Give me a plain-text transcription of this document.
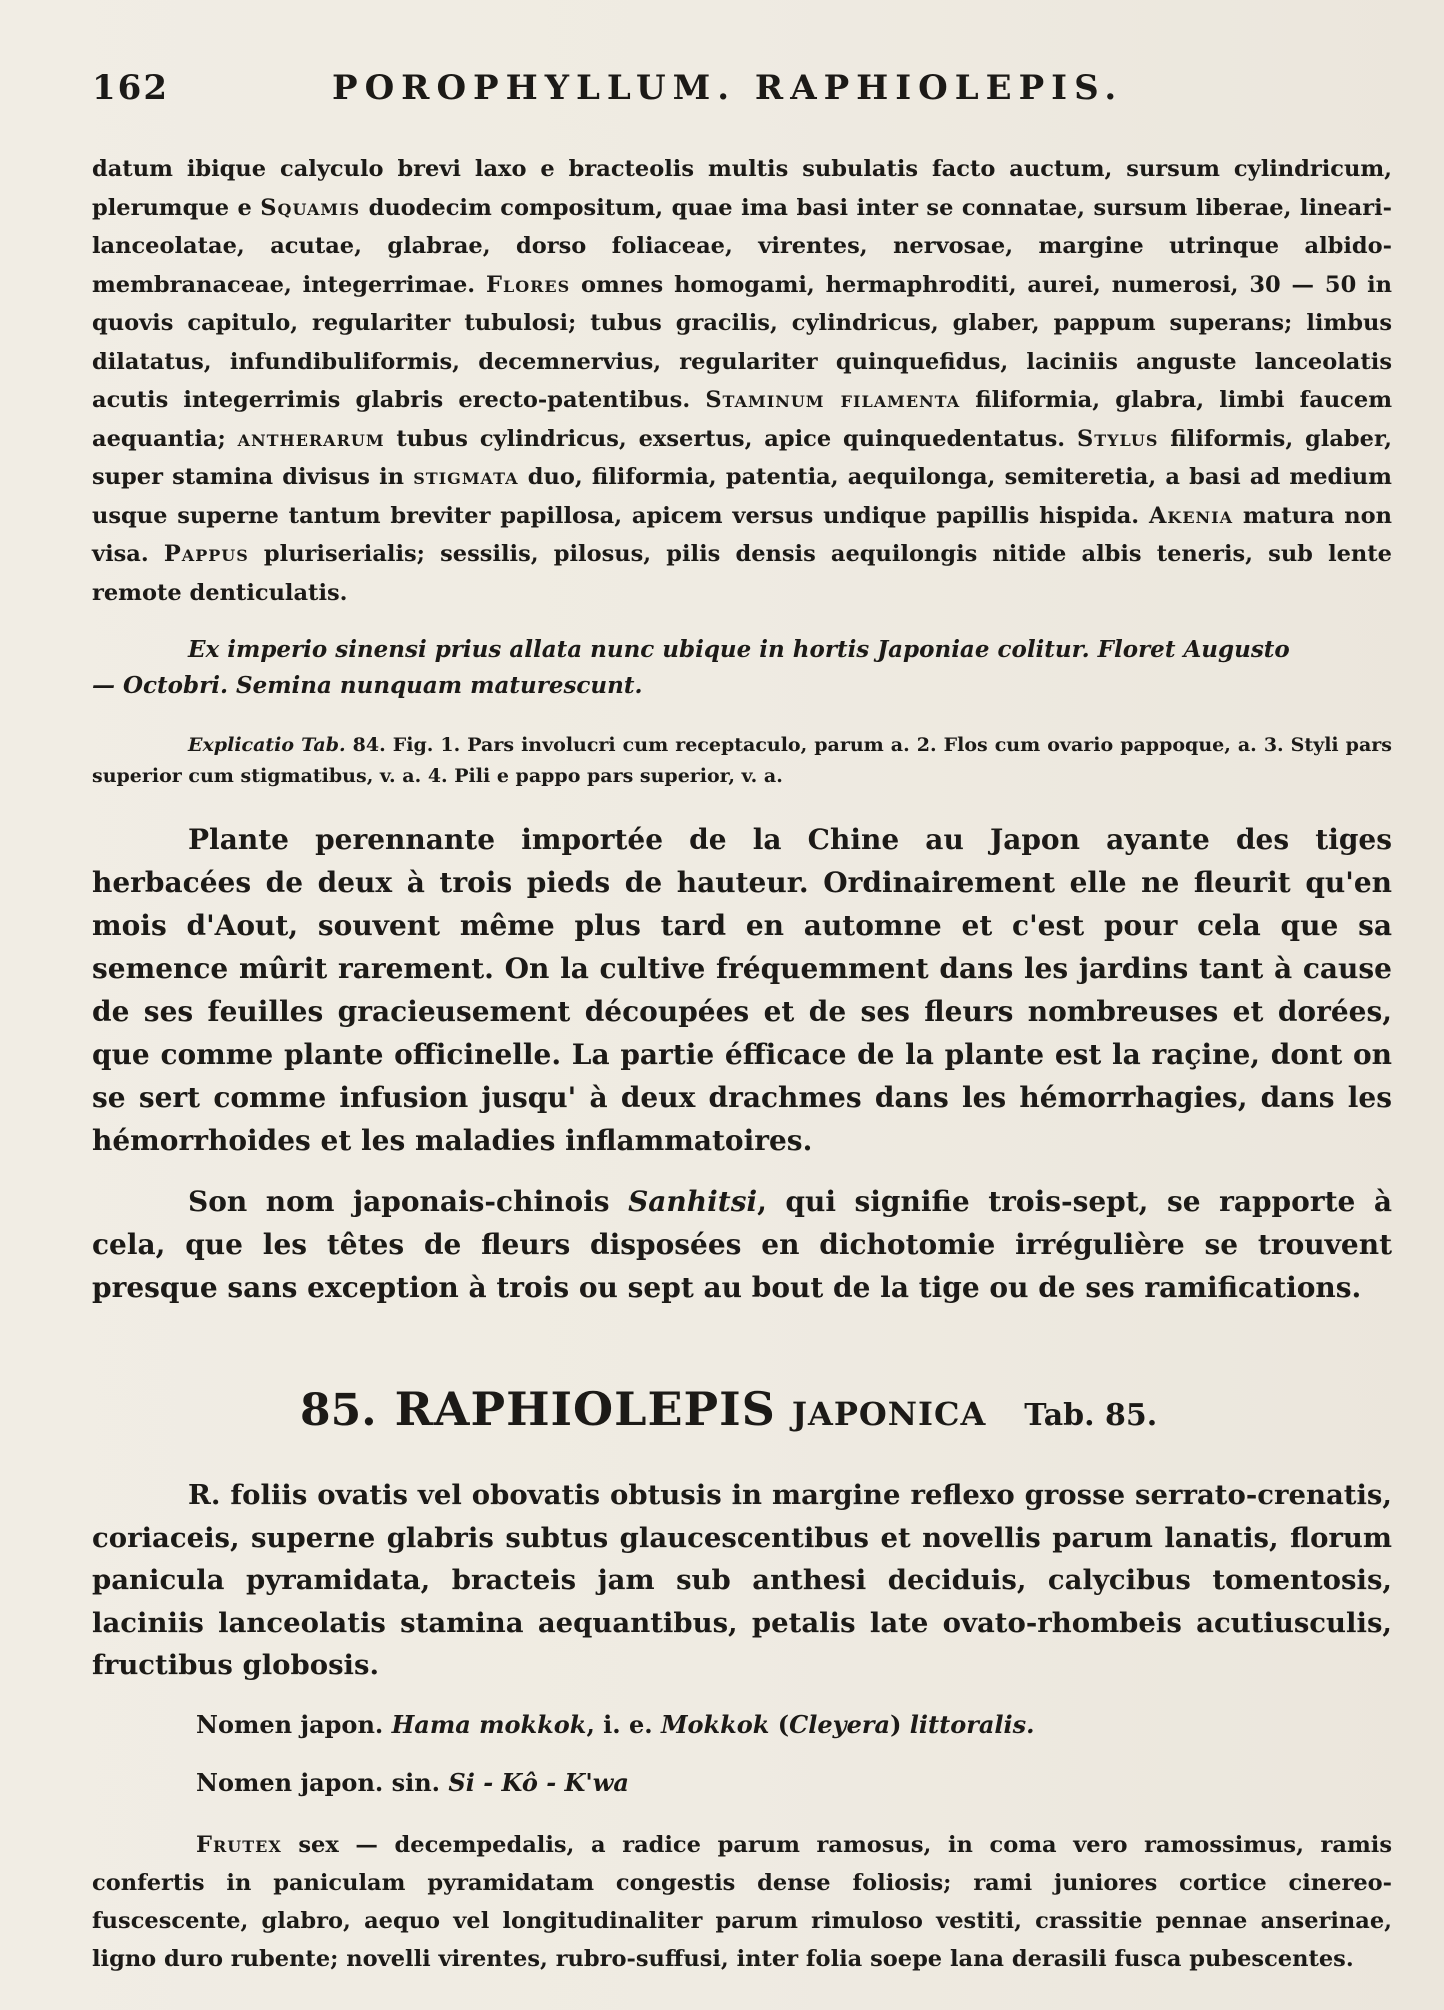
162	POROPHYLLUM. RAPHIOLEPIS.
datum ibique calyculo brevi laxo e bracteolis multis subulatis facto auctum, sursum cylindricum, plerumque e Squamis duodecim compositum, quae ima basi inter se connatae, sursum liberae, lineari-lanceolatae, acutae, glabrae, dorso foliaceae, virentes, nervosae, margine utrinque albido-membranaceae, integerrimae. Flores omnes homogami, hermaphroditi, aurei, numerosi, 30 — 50 in quovis capitulo, regulariter tubulosi; tubus gracilis, cylindricus, glaber, pappum superans; limbus dilatatus, infundibuliformis, decemnervius, regulariter quinquefidus, laciniis anguste lanceolatis acutis integerrimis glabris erecto-patentibus. Staminum filamenta filiformia, glabra, limbi faucem aequantia; antherarum tubus cylindricus, exsertus, apice quinquedentatus. Stylus filiformis, glaber, super stamina divisus in stigmata duo, filiformia, patentia, aequilonga, semiteretia, a basi ad medium usque superne tantum breviter papillosa, apicem versus undique papillis hispida. Akenia matura non visa. Pappus pluriserialis; sessilis, pilosus, pilis densis aequilongis nitide albis teneris, sub lente remote denticulatis.
Ex imperio sinensi prius allata nunc ubique in hortis Japoniae colitur. Floret Augusto
— Octobri. Semina nunquam maturescunt.
Explicatio Tab. 84. Fig. 1. Pars involucri cum receptaculo, parum a. 2. Flos cum ovario pappoque, a. 3. Styli pars superior cum stigmatibus, v. a. 4. Pili e pappo pars superior, v. a.
Plante perennante importée de la Chine au Japon ayante des tiges herbacées de deux à trois pieds de hauteur. Ordinairement elle ne fleurit qu'en mois d'Aout, souvent même plus tard en automne et c'est pour cela que sa semence mûrit rarement. On la cultive fréquemment dans les jardins tant à cause de ses feuilles gracieusement découpées et de ses fleurs nombreuses et dorées, que comme plante officinelle. La partie éfficace de la plante est la raçine, dont on se sert comme infusion jusqu' à deux drachmes dans les hémorrhagies, dans les hémorrhoides et les maladies inflammatoires.
Son nom japonais-chinois Sanhitsi, qui signifie trois-sept, se rapporte à cela, que les têtes de fleurs disposées en dichotomie irrégulière se trouvent presque sans exception à trois ou sept au bout de la tige ou de ses ramifications.
85. RAPHIOLEPIS JAPONICA Tab. 85.
R. foliis ovatis vel obovatis obtusis in margine reflexo grosse serrato-crenatis, coriaceis, superne glabris subtus glaucescentibus et novellis parum lanatis, florum panicula pyramidata, bracteis jam sub anthesi deciduis, calycibus tomentosis, laciniis lanceolatis stamina aequantibus, petalis late ovato-rhombeis acutiusculis, fructibus globosis.
Nomen japon. Hama mokkok, i. e. Mokkok (Cleyera) littoralis.
Nomen japon. sin. Si - Kô - K'wa
Frutex sex — decempedalis, a radice parum ramosus, in coma vero ramossimus, ramis confertis in paniculam pyramidatam congestis dense foliosis; rami juniores cortice cinereo-fuscescente, glabro, aequo vel longitudinaliter parum rimuloso vestiti, crassitie pennae anserinae, ligno duro rubente; novelli virentes, rubro-suffusi, inter folia soepe lana derasili fusca pubescentes.
